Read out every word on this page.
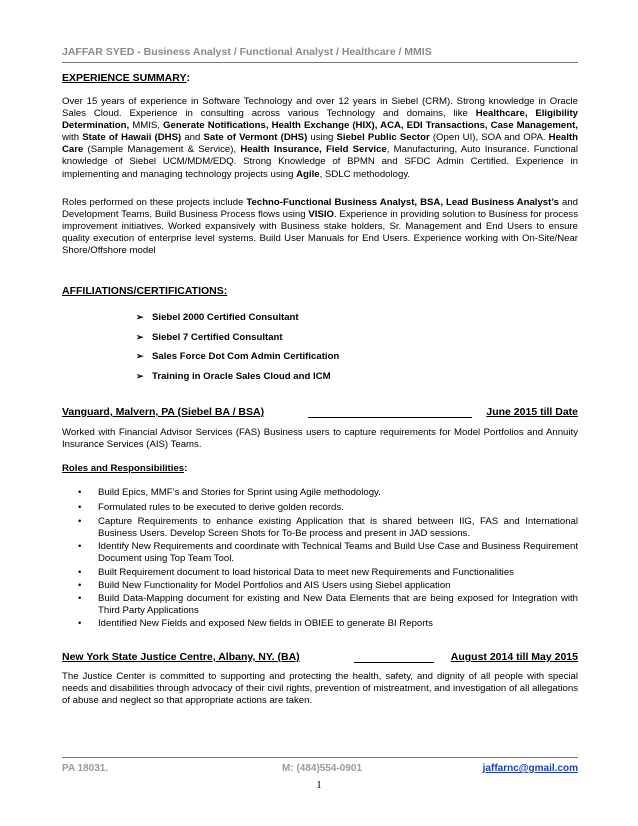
JAFFAR SYED - Business Analyst / Functional Analyst / Healthcare / MMIS
EXPERIENCE SUMMARY:
Over 15 years of experience in Software Technology and over 12 years in Siebel (CRM). Strong knowledge in Oracle Sales Cloud. Experience in consulting across various Technology and domains, like Healthcare, Eligibility Determination, MMIS, Generate Notifications, Health Exchange (HIX), ACA, EDI Transactions, Case Management, with State of Hawaii (DHS) and Sate of Vermont (DHS) using Siebel Public Sector (Open UI), SOA and OPA. Health Care (Sample Management & Service), Health Insurance, Field Service, Manufacturing, Auto Insurance. Functional knowledge of Siebel UCM/MDM/EDQ. Strong Knowledge of BPMN and SFDC Admin Certified. Experience in implementing and managing technology projects using Agile, SDLC methodology.
Roles performed on these projects include Techno-Functional Business Analyst, BSA, Lead Business Analyst’s and Development Teams. Build Business Process flows using VISIO. Experience in providing solution to Business for process improvement initiatives. Worked expansively with Business stake holders, Sr. Management and End Users to ensure quality execution of enterprise level systems. Build User Manuals for End Users. Experience working with On-Site/Near Shore/Offshore model
AFFILIATIONS/CERTIFICATIONS:
➢ Siebel 2000 Certified Consultant
➢ Siebel 7 Certified Consultant
➢ Sales Force Dot Com Admin Certification
➢ Training in Oracle Sales Cloud and ICM
Vanguard, Malvern, PA (Siebel BA / BSA)	June 2015 till Date
Worked with Financial Advisor Services (FAS) Business users to capture requirements for Model Portfolios and Annuity Insurance Services (AIS) Teams.
Roles and Responsibilities:
• Build Epics, MMF’s and Stories for Sprint using Agile methodology.
• Formulated rules to be executed to derive golden records.
• Capture Requirements to enhance existing Application that is shared between IIG, FAS and International Business Users. Develop Screen Shots for To-Be process and present in JAD sessions.
• Identify New Requirements and coordinate with Technical Teams and Build Use Case and Business Requirement Document using Top Team Tool.
• Built Requirement document to load historical Data to meet new Requirements and Functionalities
• Build New Functionality for Model Portfolios and AIS Users using Siebel application
• Build Data-Mapping document for existing and New Data Elements that are being exposed for Integration with Third Party Applications
• Identified New Fields and exposed New fields in OBIEE to generate BI Reports
New York State Justice Centre, Albany, NY. (BA)	August 2014 till May 2015
The Justice Center is committed to supporting and protecting the health, safety, and dignity of all people with special needs and disabilities through advocacy of their civil rights, prevention of mistreatment, and investigation of all allegations of abuse and neglect so that appropriate actions are taken.
PA 18031.	M: (484)554-0901	jaffarnc@gmail.com
1
